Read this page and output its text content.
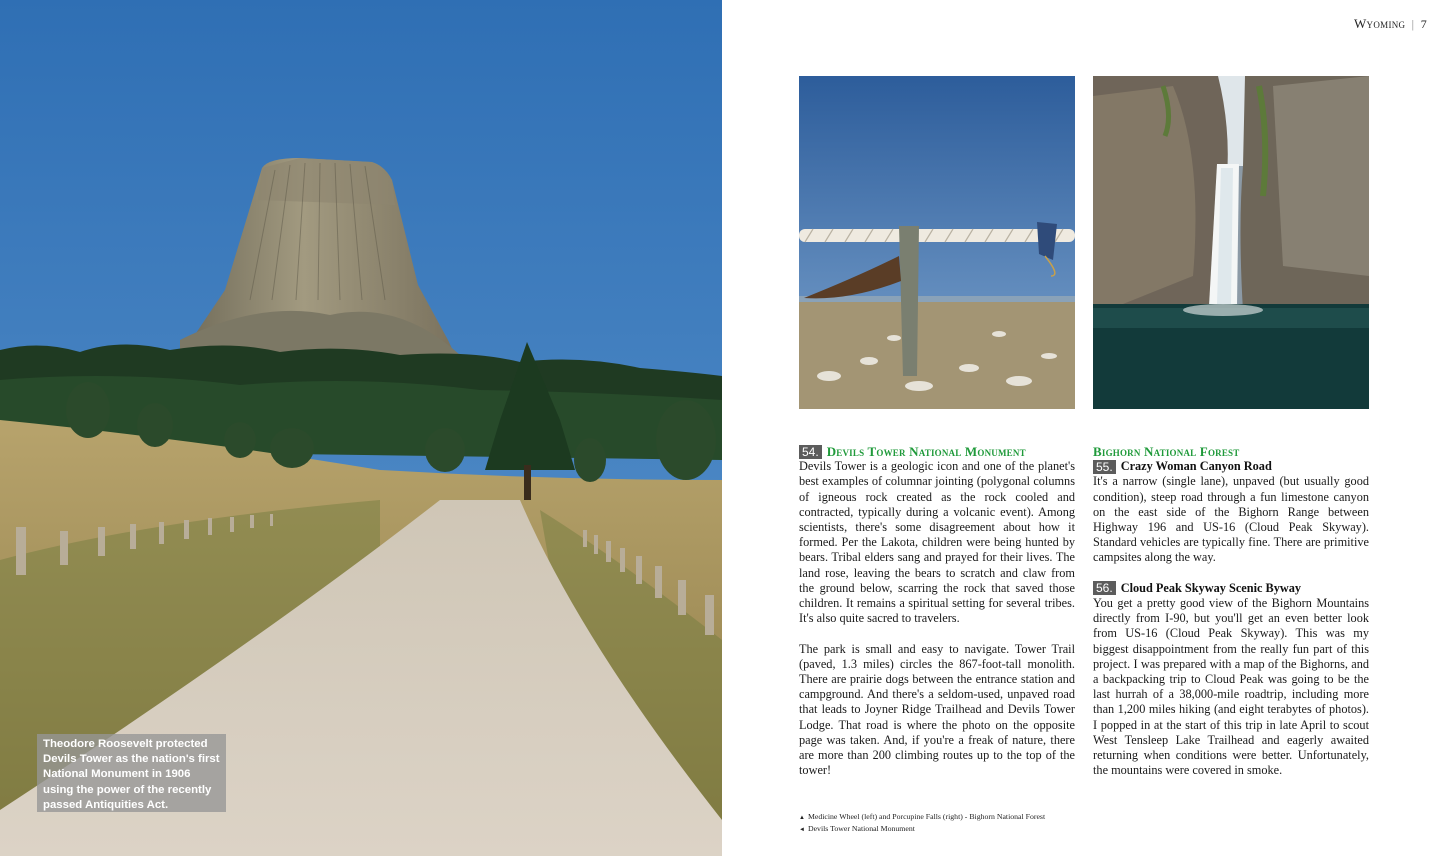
Theodore Roosevelt protected Devils Tower as the nation's first National Monument in 1906 using the power of the recently passed Antiquities Act.
Wyoming | 7
54. Devils Tower National Monument

Devils Tower is a geologic icon and one of the planet's best examples of columnar jointing (polygonal columns of igneous rock created as the rock cooled and contracted, typically during a volcanic event). Among scientists, there's some disagreement about how it formed. Per the Lakota, children were being hunted by bears. Tribal elders sang and prayed for their lives. The land rose, leaving the bears to scratch and claw from the ground below, scarring the rock that saved those children. It remains a spiritual setting for several tribes. It's also quite sacred to travelers.

The park is small and easy to navigate. Tower Trail (paved, 1.3 miles) circles the 867-foot-tall monolith. There are prairie dogs between the entrance station and campground. And there's a seldom-used, unpaved road that leads to Joyner Ridge Trailhead and Devils Tower Lodge. That road is where the photo on the opposite page was taken. And, if you're a freak of nature, there are more than 200 climbing routes up to the top of the tower!

Bighorn National Forest
55. Crazy Woman Canyon Road

It's a narrow (single lane), unpaved (but usually good condition), steep road through a fun limestone canyon on the east side of the Bighorn Range between Highway 196 and US-16 (Cloud Peak Skyway). Standard vehicles are typically fine. There are primitive campsites along the way.

56. Cloud Peak Skyway Scenic Byway

You get a pretty good view of the Bighorn Mountains directly from I-90, but you'll get an even better look from US-16 (Cloud Peak Skyway). This was my biggest disappointment from the really fun part of this project. I was prepared with a map of the Bighorns, and a backpacking trip to Cloud Peak was going to be the last hurrah of a 38,000-mile roadtrip, including more than 1,200 miles hiking (and eight terabytes of photos). I popped in at the start of this trip in late April to scout West Tensleep Lake Trailhead and eagerly awaited returning when conditions were better. Unfortunately, the mountains were covered in smoke.

▲ Medicine Wheel (left) and Porcupine Falls (right) - Bighorn National Forest
◄ Devils Tower National Monument
